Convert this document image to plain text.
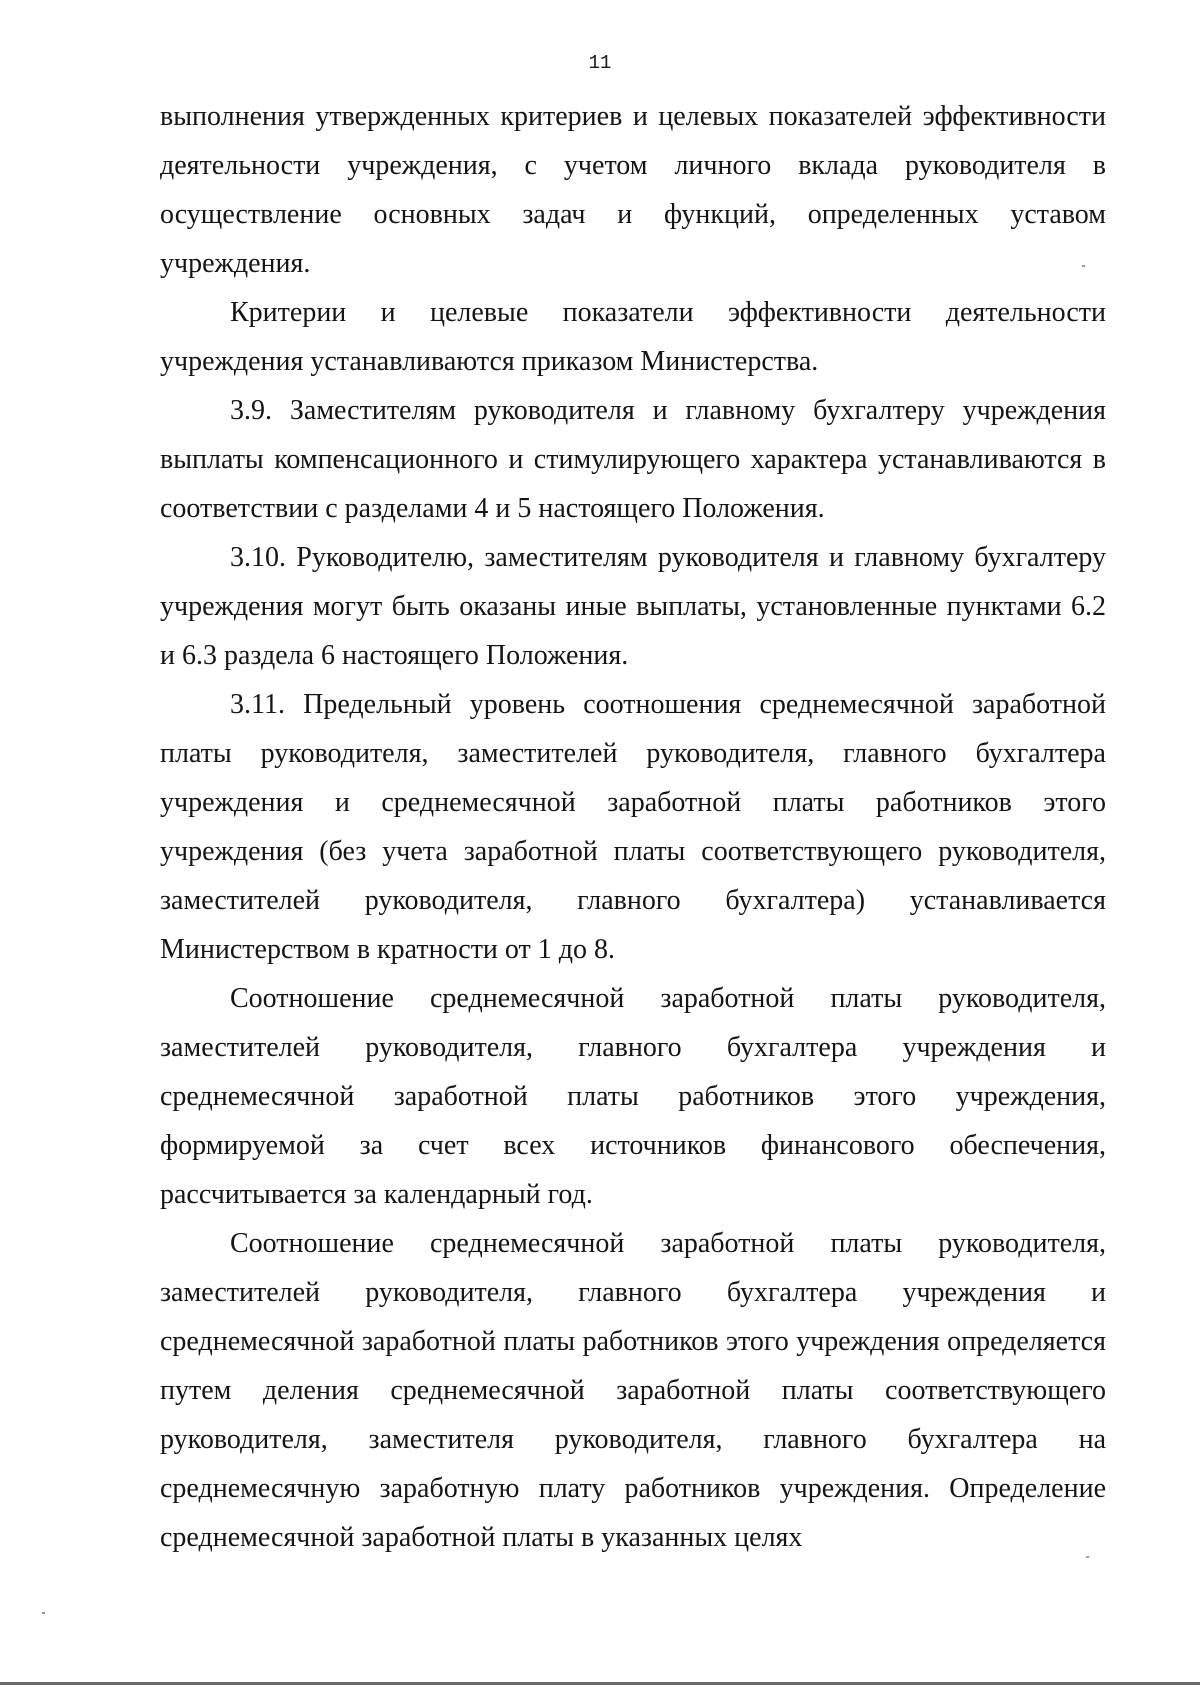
11

выполнения утвержденных критериев и целевых показателей эффективности деятельности учреждения, с учетом личного вклада руководителя в осуществление основных задач и функций, определенных уставом учреждения.

Критерии и целевые показатели эффективности деятельности учреждения устанавливаются приказом Министерства.

3.9. Заместителям руководителя и главному бухгалтеру учреждения выплаты компенсационного и стимулирующего характера устанавливаются в соответствии с разделами 4 и 5 настоящего Положения.

3.10. Руководителю, заместителям руководителя и главному бухгалтеру учреждения могут быть оказаны иные выплаты, установленные пунктами 6.2 и 6.3 раздела 6 настоящего Положения.

3.11. Предельный уровень соотношения среднемесячной заработной платы руководителя, заместителей руководителя, главного бухгалтера учреждения и среднемесячной заработной платы работников этого учреждения (без учета заработной платы соответствующего руководителя, заместителей руководителя, главного бухгалтера) устанавливается Министерством в кратности от 1 до 8.

Соотношение среднемесячной заработной платы руководителя, заместителей руководителя, главного бухгалтера учреждения и среднемесячной заработной платы работников этого учреждения, формируемой за счет всех источников финансового обеспечения, рассчитывается за календарный год.

Соотношение среднемесячной заработной платы руководителя, заместителей руководителя, главного бухгалтера учреждения и среднемесячной заработной платы работников этого учреждения определяется путем деления среднемесячной заработной платы соответствующего руководителя, заместителя руководителя, главного бухгалтера на среднемесячную заработную плату работников учреждения. Определение среднемесячной заработной платы в указанных целях
